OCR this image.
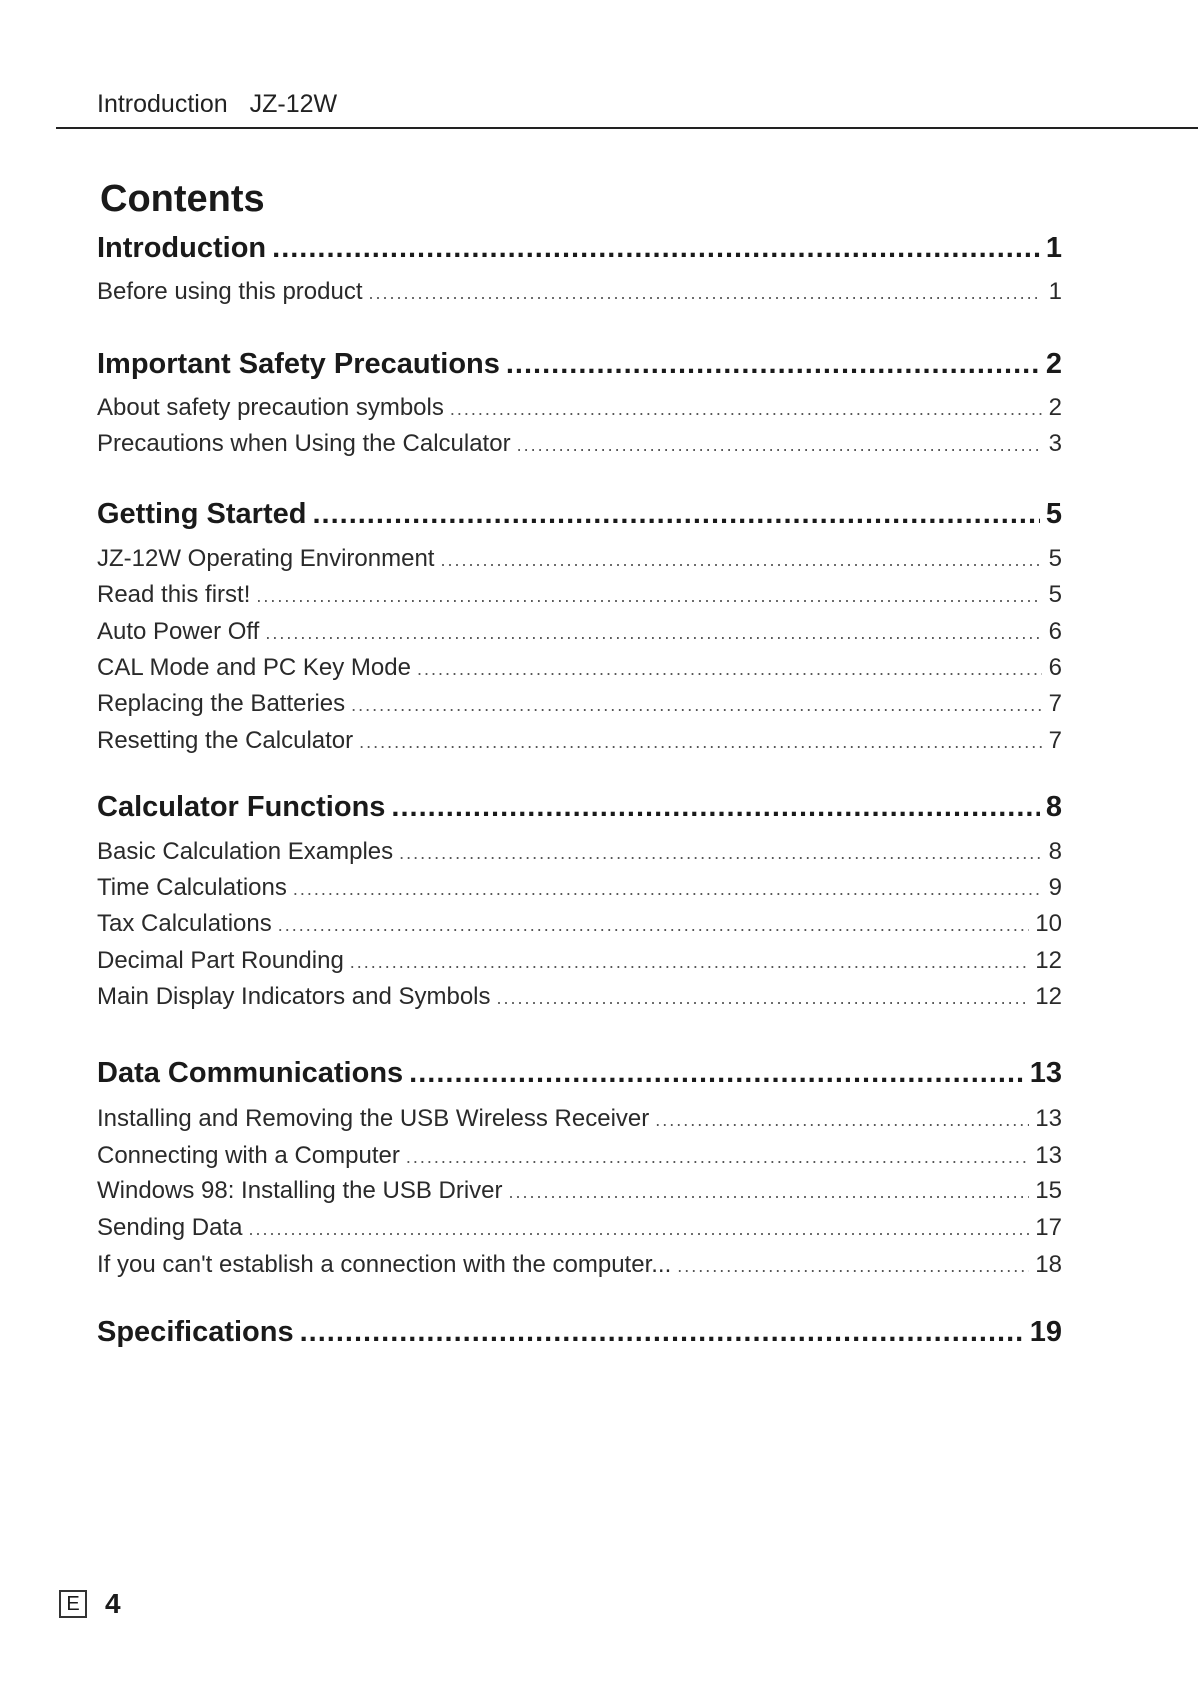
Introduction JZ-12W
Contents
Introduction .....	1
Before using this product .....	1
Important Safety Precautions .....	2
About safety precaution symbols .....	2
Precautions when Using the Calculator .....	3
Getting Started .....	5
JZ-12W Operating Environment .....	5
Read this first! .....	5
Auto Power Off .....	6
CAL Mode and PC Key Mode .....	6
Replacing the Batteries .....	7
Resetting the Calculator .....	7
Calculator Functions .....	8
Basic Calculation Examples .....	8
Time Calculations .....	9
Tax Calculations .....	10
Decimal Part Rounding .....	12
Main Display Indicators and Symbols .....	12
Data Communications .....	13
Installing and Removing the USB Wireless Receiver .....	13
Connecting with a Computer .....	13
Windows 98: Installing the USB Driver .....	15
Sending Data .....	17
If you can't establish a connection with the computer... .....	18
Specifications .....	19
E 4
